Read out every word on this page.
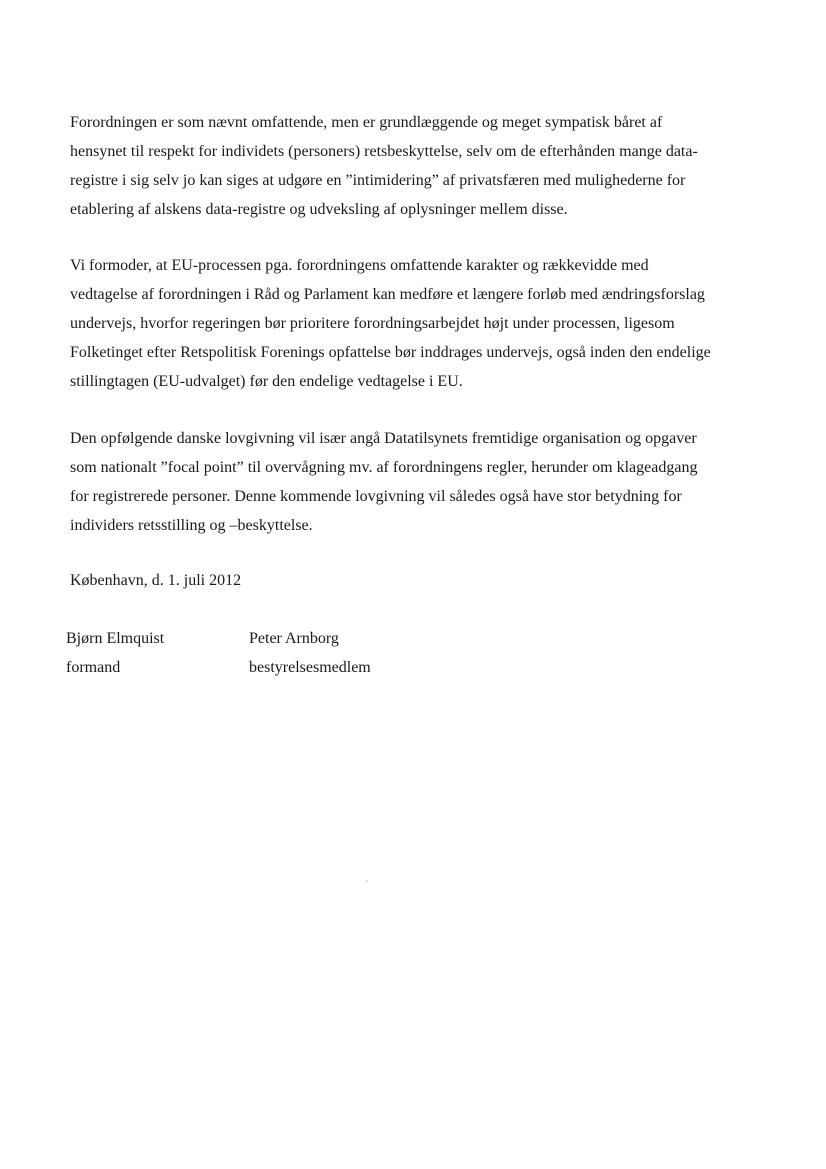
Forordningen er som nævnt omfattende, men er grundlæggende og meget sympatisk båret af
hensynet til respekt for individets (personers) retsbeskyttelse, selv om de efterhånden mange data-
registre i sig selv jo kan siges at udgøre en ”intimidering” af privatsfæren med mulighederne for
etablering af alskens data-registre og udveksling af oplysninger mellem disse.

Vi formoder, at EU-processen pga. forordningens omfattende karakter og rækkevidde med
vedtagelse af forordningen i Råd og Parlament kan medføre et længere forløb med ændringsforslag
undervejs, hvorfor regeringen bør prioritere forordningsarbejdet højt under processen, ligesom
Folketinget efter Retspolitisk Forenings opfattelse bør inddrages undervejs, også inden den endelige
stillingtagen (EU-udvalget) før den endelige vedtagelse i EU.

Den opfølgende danske lovgivning vil især angå Datatilsynets fremtidige organisation og opgaver
som nationalt ”focal point” til overvågning mv. af forordningens regler, herunder om klageadgang
for registrerede personer. Denne kommende lovgivning vil således også have stor betydning for
individers retsstilling og –beskyttelse.

København, d. 1. juli 2012
Bjørn Elmquist
formand
Peter Arnborg
bestyrelsesmedlem
